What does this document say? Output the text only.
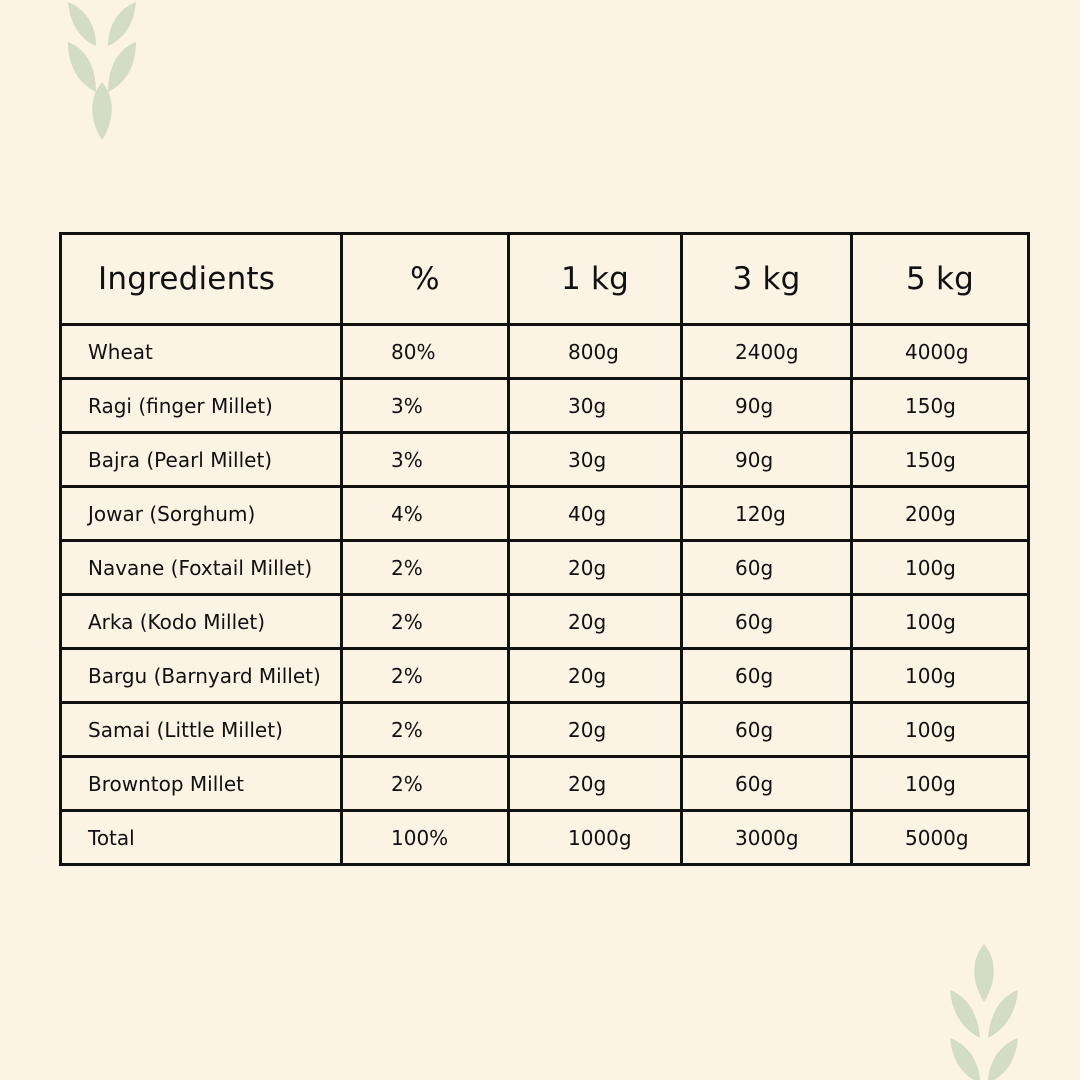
Ingredients	%	1 kg	3 kg	5 kg
Wheat	80%	800g	2400g	4000g
Ragi (finger Millet)	3%	30g	90g	150g
Bajra (Pearl Millet)	3%	30g	90g	150g
Jowar (Sorghum)	4%	40g	120g	200g
Navane (Foxtail Millet)	2%	20g	60g	100g
Arka (Kodo Millet)	2%	20g	60g	100g
Bargu (Barnyard Millet)	2%	20g	60g	100g
Samai (Little Millet)	2%	20g	60g	100g
Browntop Millet	2%	20g	60g	100g
Total	100%	1000g	3000g	5000g
